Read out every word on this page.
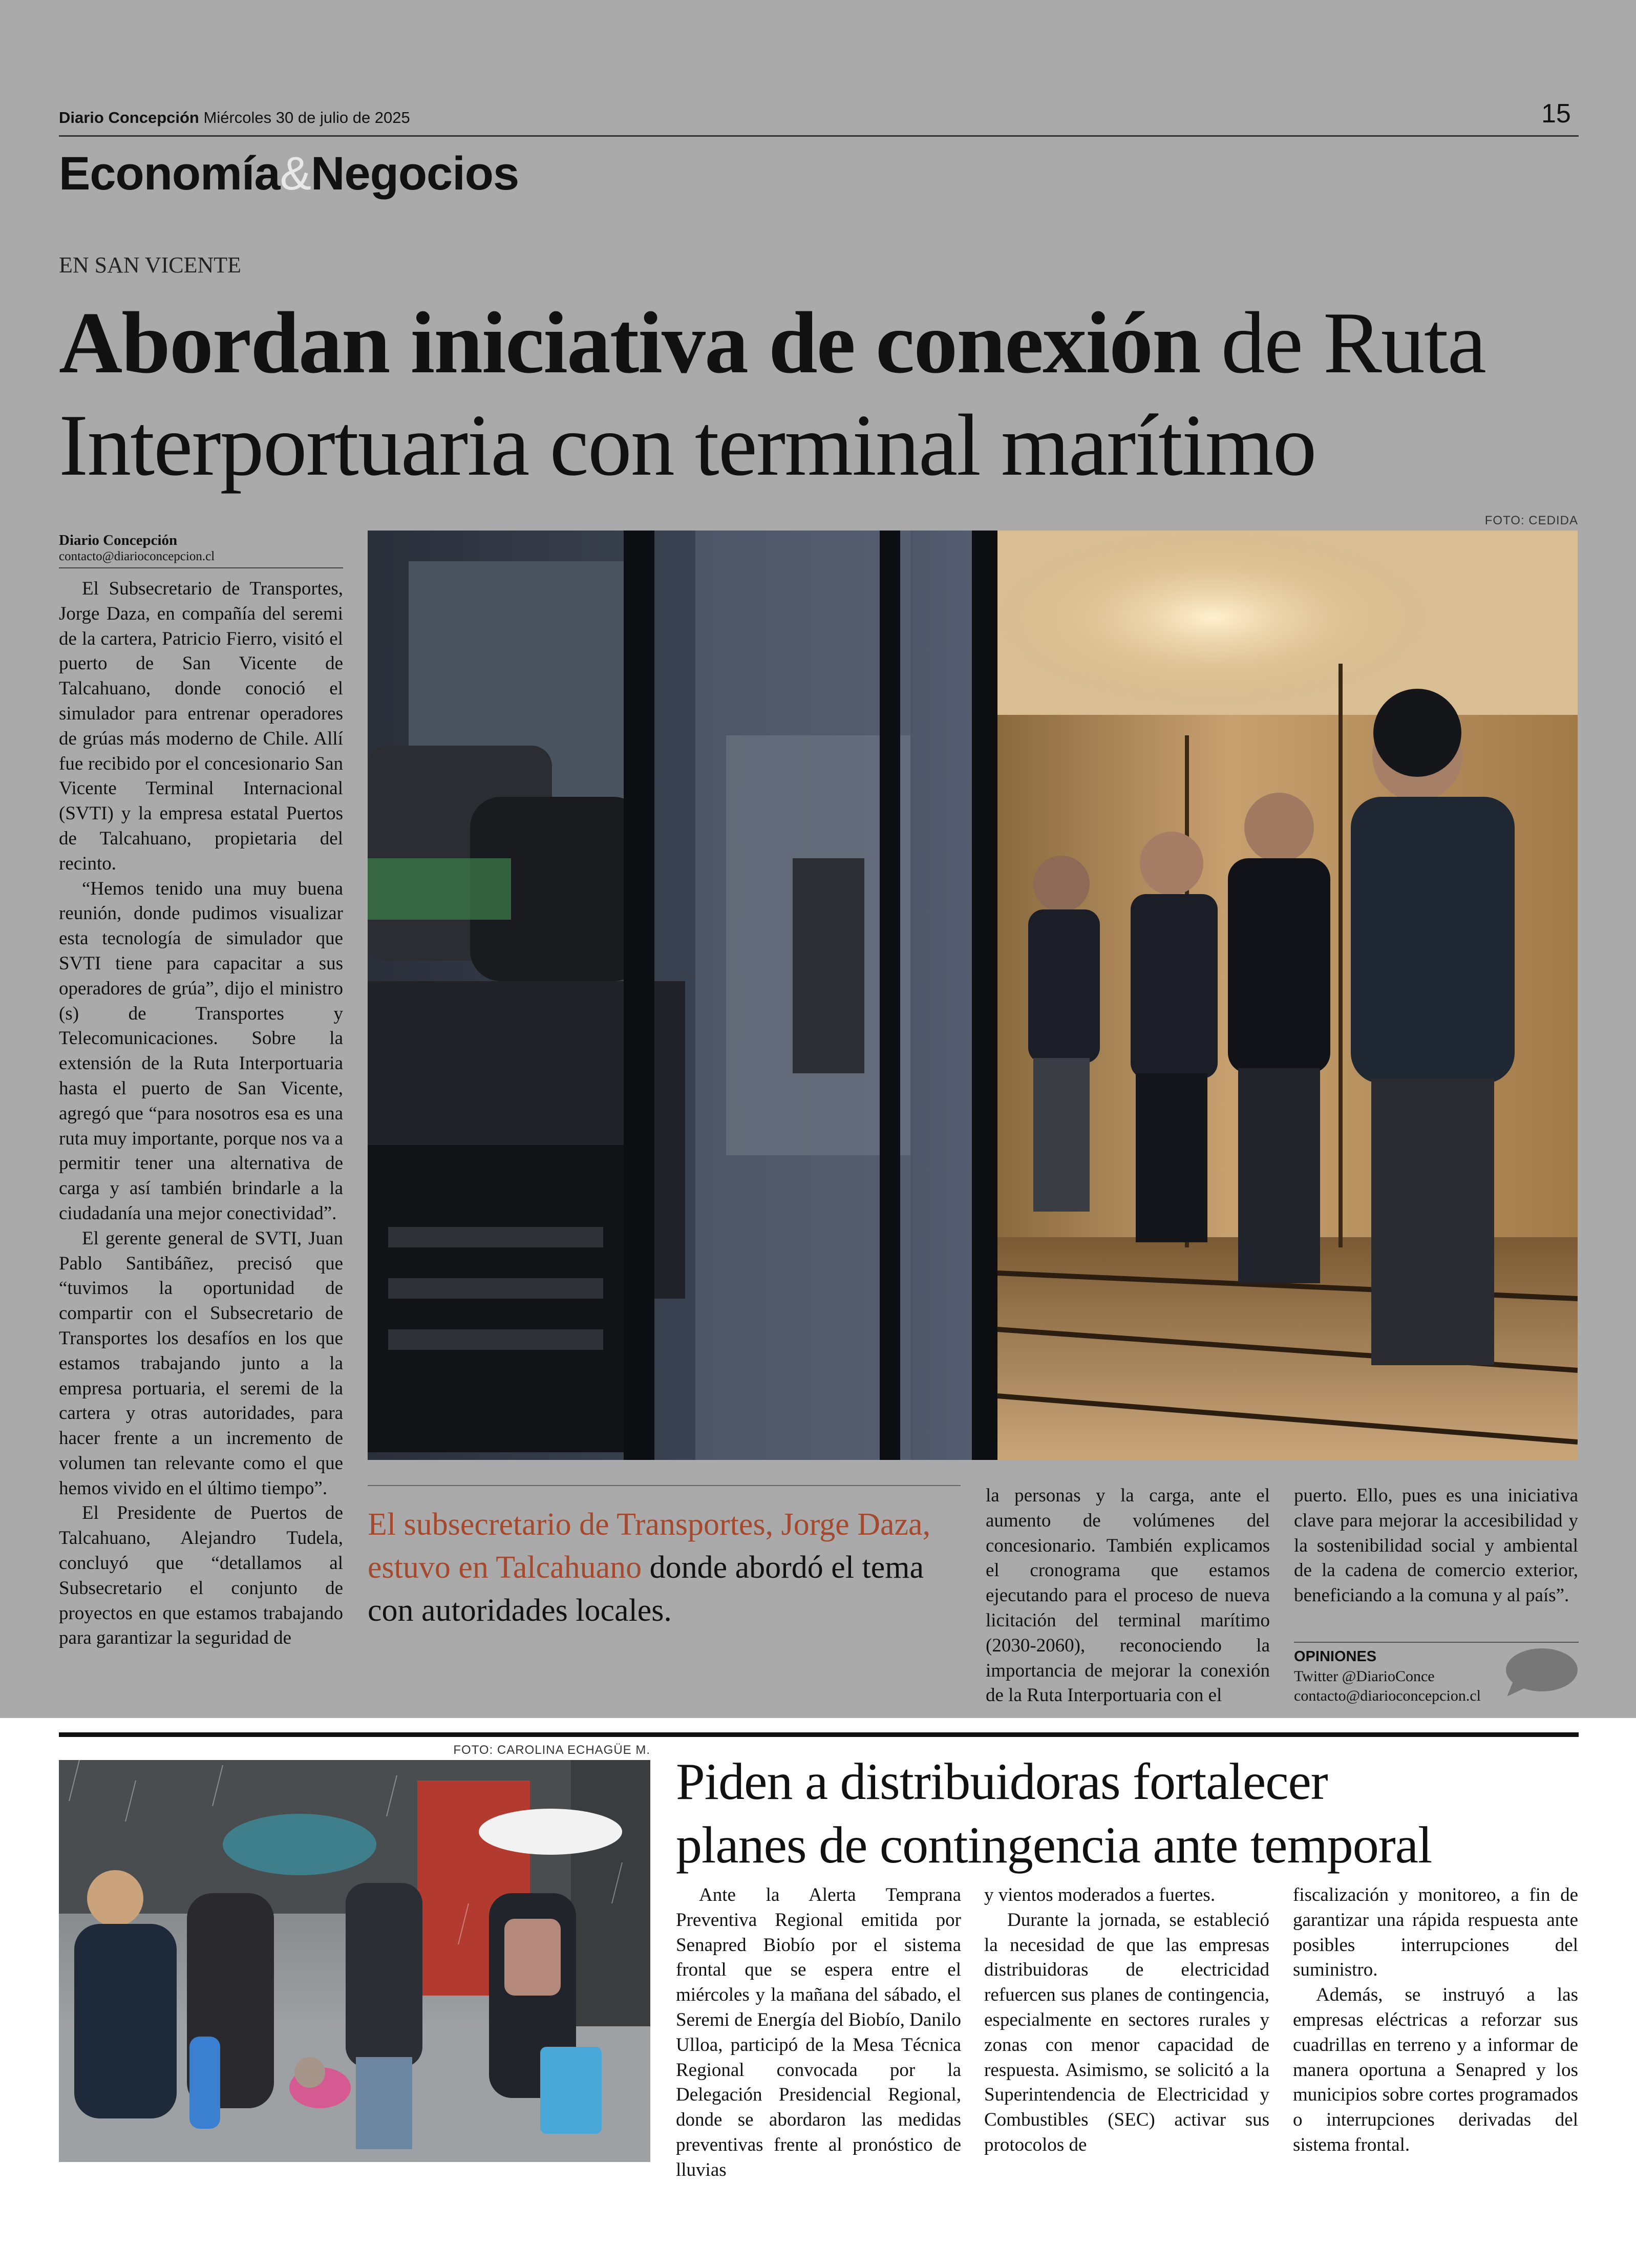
Diario Concepción Miércoles 30 de julio de 2025	15
Economía&Negocios
EN SAN VICENTE
Abordan iniciativa de conexión de Ruta
Interportuaria con terminal marítimo
FOTO: CEDIDA
Diario Concepción
contacto@diarioconcepcion.cl

El Subsecretario de Transportes, Jorge Daza, en compañía del seremi de la cartera, Patricio Fierro, visitó el puerto de San Vicente de Talcahuano, donde conoció el simulador para entrenar operadores de grúas más moderno de Chile. Allí fue recibido por el concesionario San Vicente Terminal Internacional (SVTI) y la empresa estatal Puertos de Talcahuano, propietaria del recinto.

“Hemos tenido una muy buena reunión, donde pudimos visualizar esta tecnología de simulador que SVTI tiene para capacitar a sus operadores de grúa”, dijo el ministro (s) de Transportes y Telecomunicaciones. Sobre la extensión de la Ruta Interportuaria hasta el puerto de San Vicente, agregó que “para nosotros esa es una ruta muy importante, porque nos va a permitir tener una alternativa de carga y así también brindarle a la ciudadanía una mejor conectividad”.

El gerente general de SVTI, Juan Pablo Santibáñez, precisó que “tuvimos la oportunidad de compartir con el Subsecretario de Transportes los desafíos en los que estamos trabajando junto a la empresa portuaria, el seremi de la cartera y otras autoridades, para hacer frente a un incremento de volumen tan relevante como el que hemos vivido en el último tiempo”.

El Presidente de Puertos de Talcahuano, Alejandro Tudela, concluyó que “detallamos al Subsecretario el conjunto de proyectos en que estamos trabajando para garantizar la seguridad de

El subsecretario de Transportes, Jorge Daza, estuvo en Talcahuano donde abordó el tema con autoridades locales.

la personas y la carga, ante el aumento de volúmenes del concesionario. También explicamos el cronograma que estamos ejecutando para el proceso de nueva licitación del terminal marítimo (2030-2060), reconociendo la importancia de mejorar la conexión de la Ruta Interportuaria con el

puerto. Ello, pues es una iniciativa clave para mejorar la accesibilidad y la sostenibilidad social y ambiental de la cadena de comercio exterior, beneficiando a la comuna y al país”.

OPINIONES
Twitter @DiarioConce
contacto@diarioconcepcion.cl
FOTO: CAROLINA ECHAGÜE M.
Piden a distribuidoras fortalecer
planes de contingencia ante temporal

Ante la Alerta Temprana Preventiva Regional emitida por Senapred Biobío por el sistema frontal que se espera entre el miércoles y la mañana del sábado, el Seremi de Energía del Biobío, Danilo Ulloa, participó de la Mesa Técnica Regional convocada por la Delegación Presidencial Regional, donde se abordaron las medidas preventivas frente al pronóstico de lluvias

y vientos moderados a fuertes.

Durante la jornada, se estableció la necesidad de que las empresas distribuidoras de electricidad refuercen sus planes de contingencia, especialmente en sectores rurales y zonas con menor capacidad de respuesta. Asimismo, se solicitó a la Superintendencia de Electricidad y Combustibles (SEC) activar sus protocolos de

fiscalización y monitoreo, a fin de garantizar una rápida respuesta ante posibles interrupciones del suministro.

Además, se instruyó a las empresas eléctricas a reforzar sus cuadrillas en terreno y a informar de manera oportuna a Senapred y los municipios sobre cortes programados o interrupciones derivadas del sistema frontal.
